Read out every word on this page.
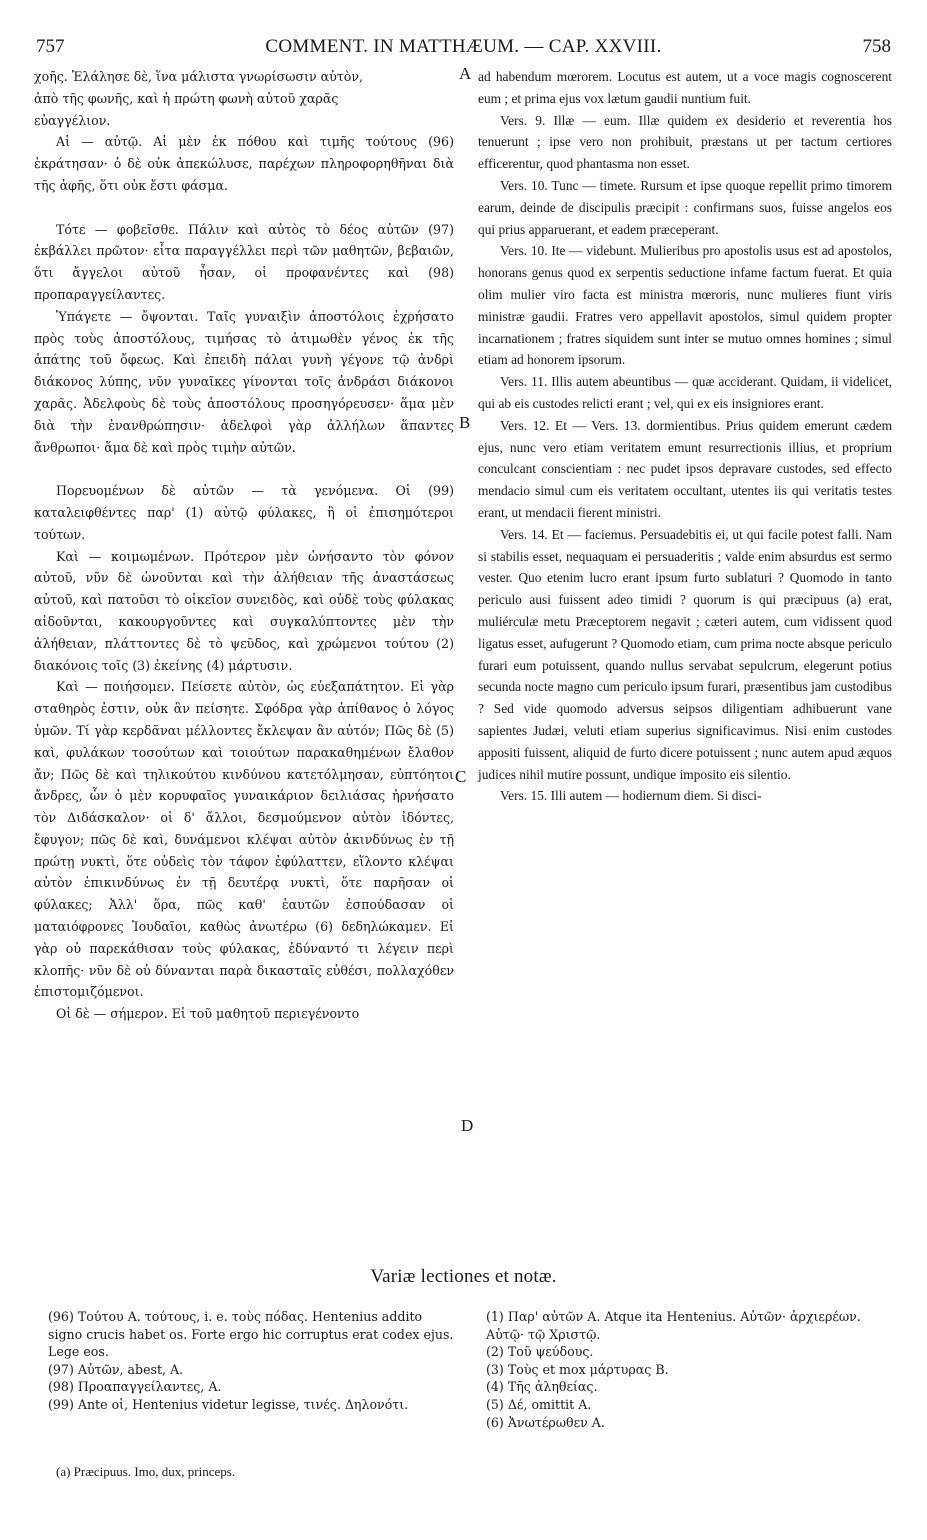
757	COMMENT. IN MATTHÆUM. — CAP. XXVIII.	758

χοῆς. Ἐλάλησε δὲ, ἵνα μάλιστα γνωρίσωσιν αὐτὸν,

ἀπὸ τῆς φωνῆς, καὶ ἡ πρώτη φωνὴ αὐτοῦ χαρᾶς

εὐαγγέλιον.

Αἱ — αὐτῷ. Αἱ μὲν ἐκ πόθου καὶ τιμῆς τούτους (96) ἐκράτησαν· ὁ δὲ οὐκ ἀπεκώλυσε, παρέχων πληροφορηθῆναι διὰ τῆς ἀφῆς, ὅτι οὐκ ἔστι φάσμα.

Τότε — φοβεῖσθε. Πάλιν καὶ αὐτὸς τὸ δέος αὐτῶν (97) ἐκβάλλει πρῶτον· εἶτα παραγγέλλει περὶ τῶν μαθητῶν, βεβαιῶν, ὅτι ἄγγελοι αὐτοῦ ἦσαν, οἱ προφανέντες καὶ (98) προπαραγγείλαντες.

Ὑπάγετε — ὄψονται. Ταῖς γυναιξὶν ἀποστόλοις ἐχρήσατο πρὸς τοὺς ἀποστόλους, τιμήσας τὸ ἀτιμωθὲν γένος ἐκ τῆς ἀπάτης τοῦ ὄφεως. Καὶ ἐπειδὴ πάλαι γυνὴ γέγονε τῷ ἀνδρὶ διάκονος λύπης, νῦν γυναῖκες γίνονται τοῖς ἀνδράσι διάκονοι χαρᾶς. Ἀδελφοὺς δὲ τοὺς ἀποστόλους προσηγόρευσεν· ἅμα μὲν διὰ τὴν ἐνανθρώπησιν· ἀδελφοὶ γὰρ ἀλλήλων ἅπαντες ἄνθρωποι· ἅμα δὲ καὶ πρὸς τιμὴν αὐτῶν.

Πορευομένων δὲ αὐτῶν — τὰ γενόμενα. Οἱ (99) καταλειφθέντες παρ' (1) αὐτῷ φύλακες, ἢ οἱ ἐπισημότεροι τούτων.

Καὶ — κοιμωμένων. Πρότερον μὲν ὠνήσαντο τὸν φόνον αὐτοῦ, νῦν δὲ ὠνοῦνται καὶ τὴν ἀλήθειαν τῆς ἀναστάσεως αὐτοῦ, καὶ πατοῦσι τὸ οἰκεῖον συνειδὸς, καὶ οὐδὲ τοὺς φύλακας αἰδοῦνται, κακουργοῦντες καὶ συγκαλύπτοντες μὲν τὴν ἀλήθειαν, πλάττοντες δὲ τὸ ψεῦδος, καὶ χρώμενοι τούτου (2) διακόνοις τοῖς (3) ἐκείνης (4) μάρτυσιν.

Καὶ — ποιήσομεν. Πείσετε αὐτὸν, ὡς εὐεξαπάτητον. Εἰ γὰρ σταθηρὸς ἐστιν, οὐκ ἂν πείσητε. Σφόδρα γὰρ ἀπίθανος ὁ λόγος ὑμῶν. Τί γὰρ κερδᾶναι μέλλοντες ἔκλεψαν ἂν αὐτόν; Πῶς δὲ (5) καὶ, φυλάκων τοσούτων καὶ τοιούτων παρακαθημένων ἔλαθον ἄν; Πῶς δὲ καὶ τηλικούτου κινδύνου κατετόλμησαν, εὐπτόητοι ἄνδρες, ὧν ὁ μὲν κορυφαῖος γυναικάριον δειλιάσας ἠρνήσατο τὸν Διδάσκαλον· οἱ δ' ἄλλοι, δεσμούμενον αὐτὸν ἰδόντες, ἔφυγον; πῶς δὲ καὶ, δυνάμενοι κλέψαι αὐτὸν ἀκινδύνως ἐν τῇ πρώτῃ νυκτὶ, ὅτε οὐδεὶς τὸν τάφον ἐφύλαττεν, εἵλοντο κλέψαι αὐτὸν ἐπικινδύνως ἐν τῇ δευτέρᾳ νυκτὶ, ὅτε παρῆσαν οἱ φύλακες; Ἀλλ' ὅρα, πῶς καθ' ἑαυτῶν ἐσπούδασαν οἱ ματαιόφρονες Ἰουδαῖοι, καθὼς ἀνωτέρω (6) δεδηλώκαμεν. Εἰ γὰρ οὐ παρεκάθισαν τοὺς φύλακας, ἐδύναντό τι λέγειν περὶ κλοπῆς· νῦν δὲ οὐ δύνανται παρὰ δικασταῖς εὐθέσι, πολλαχόθεν ἐπιστομιζόμενοι.

Οἱ δὲ — σήμερον. Εἰ τοῦ μαθητοῦ περιεγένοντο

A
B
C
D

ad habendum mœrorem. Locutus est autem, ut a voce magis cognoscerent eum ; et prima ejus vox lætum gaudii nuntium fuit.

Vers. 9. Illæ — eum. Illæ quidem ex desiderio et reverentia hos tenuerunt ; ipse vero non prohibuit, præstans ut per tactum certiores efficerentur, quod phantasma non esset.

Vers. 10. Tunc — timete. Rursum et ipse quoque repellit primo timorem earum, deinde de discipulis præcipit : confirmans suos, fuisse angelos eos qui prius apparuerant, et eadem præceperant.

Vers. 10. Ite — videbunt. Mulieribus pro apostolis usus est ad apostolos, honorans genus quod ex serpentis seductione infame factum fuerat. Et quia olim mulier viro facta est ministra mœroris, nunc mulieres fiunt viris ministræ gaudii. Fratres vero appellavit apostolos, simul quidem propter incarnationem ; fratres siquidem sunt inter se mutuo omnes homines ; simul etiam ad honorem ipsorum.

Vers. 11. Illis autem abeuntibus — quæ acciderant. Quidam, ii videlicet, qui ab eis custodes relicti erant ; vel, qui ex eis insigniores erant.

Vers. 12. Et — Vers. 13. dormientibus. Prius quidem emerunt cædem ejus, nunc vero etiam veritatem emunt resurrectionis illius, et proprium conculcant conscientiam : nec pudet ipsos depravare custodes, sed effecto mendacio simul cum eis veritatem occultant, utentes iis qui veritatis testes erant, ut mendacii fierent ministri.

Vers. 14. Et — faciemus. Persuadebitis ei, ut qui facile potest falli. Nam si stabilis esset, nequaquam ei persuaderitis ; valde enim absurdus est sermo vester. Quo etenim lucro erant ipsum furto sublaturi ? Quomodo in tanto periculo ausi fuissent adeo timidi ? quorum is qui præcipuus (a) erat, muliérculæ metu Præceptorem negavit ; cæteri autem, cum vidissent quod ligatus esset, aufugerunt ? Quomodo etiam, cum prima nocte absque periculo furari eum potuissent, quando nullus servabat sepulcrum, elegerunt potius secunda nocte magno cum periculo ipsum furari, præsentibus jam custodibus ? Sed vide quomodo adversus seipsos diligentiam adhibuerunt vane sapientes Judæi, veluti etiam superius significavimus. Nisi enim custodes appositi fuissent, aliquid de furto dicere potuissent ; nunc autem apud æquos judices nihil mutire possunt, undique imposito eis silentio.

Vers. 15. Illi autem — hodiernum diem. Si disci-

Variæ lectiones et notæ.

(96) Τούτου A. τούτους, i. e. τοὺς πόδας. Hentenius addito signo crucis habet os. Forte ergo hic corruptus erat codex ejus. Lege eos.

(97) Αὐτῶν, abest, A.

(98) Προαπαγγείλαντες, A.

(99) Ante οἱ, Hentenius videtur legisse, τινές. Δηλονότι.

(1) Παρ' αὐτῶν A. Atque ita Hentenius. Αὐτῶν· ἀρχιερέων. Αὐτῷ· τῷ Χριστῷ.

(2) Τοῦ ψεύδους.

(3) Τοὺς et mox μάρτυρας B.

(4) Τῆς ἀληθείας.

(5) Δέ, omittit A.

(6) Ἀνωτέρωθεν A.

(a) Præcipuus. Imo, dux, princeps.
